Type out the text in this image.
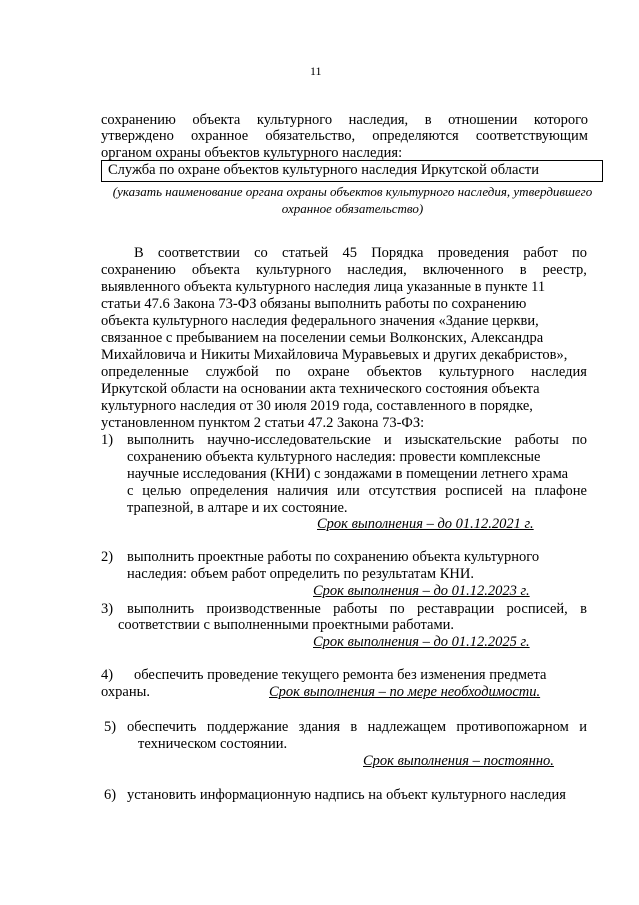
11
сохранению объекта культурного наследия, в отношении которого
утверждено охранное обязательство, определяются соответствующим
органом охраны объектов культурного наследия:
Служба по охране объектов культурного наследия Иркутской области
(указать наименование органа охраны объектов культурного наследия, утвердившего
охранное обязательство)
В соответствии со статьей 45 Порядка проведения работ по
сохранению объекта культурного наследия, включенного в реестр,
выявленного объекта культурного наследия лица указанные в пункте 11
статьи 47.6 Закона 73-ФЗ обязаны выполнить работы по сохранению
объекта культурного наследия федерального значения «Здание церкви,
связанное с пребыванием на поселении семьи Волконских, Александра
Михайловича и Никиты Михайловича Муравьевых и других декабристов»,
определенные службой по охране объектов культурного наследия
Иркутской области на основании акта технического состояния объекта
культурного наследия от 30 июля 2019 года, составленного в порядке,
установленном пунктом 2 статьи 47.2 Закона 73-ФЗ:
1) выполнить научно-исследовательские и изыскательские работы по
сохранению объекта культурного наследия: провести комплексные
научные исследования (КНИ) с зондажами в помещении летнего храма
с целью определения наличия или отсутствия росписей на плафоне
трапезной, в алтаре и их состояние.
Срок выполнения – до 01.12.2021 г.
2) выполнить проектные работы по сохранению объекта культурного
наследия: объем работ определить по результатам КНИ.
Срок выполнения – до 01.12.2023 г.
3) выполнить производственные работы по реставрации росписей, в
соответствии с выполненными проектными работами.
Срок выполнения – до 01.12.2025 г.
4) обеспечить проведение текущего ремонта без изменения предмета
охраны.	Срок выполнения – по мере необходимости.
5) обеспечить поддержание здания в надлежащем противопожарном и
техническом состоянии.
Срок выполнения – постоянно.
6) установить информационную надпись на объект культурного наследия
